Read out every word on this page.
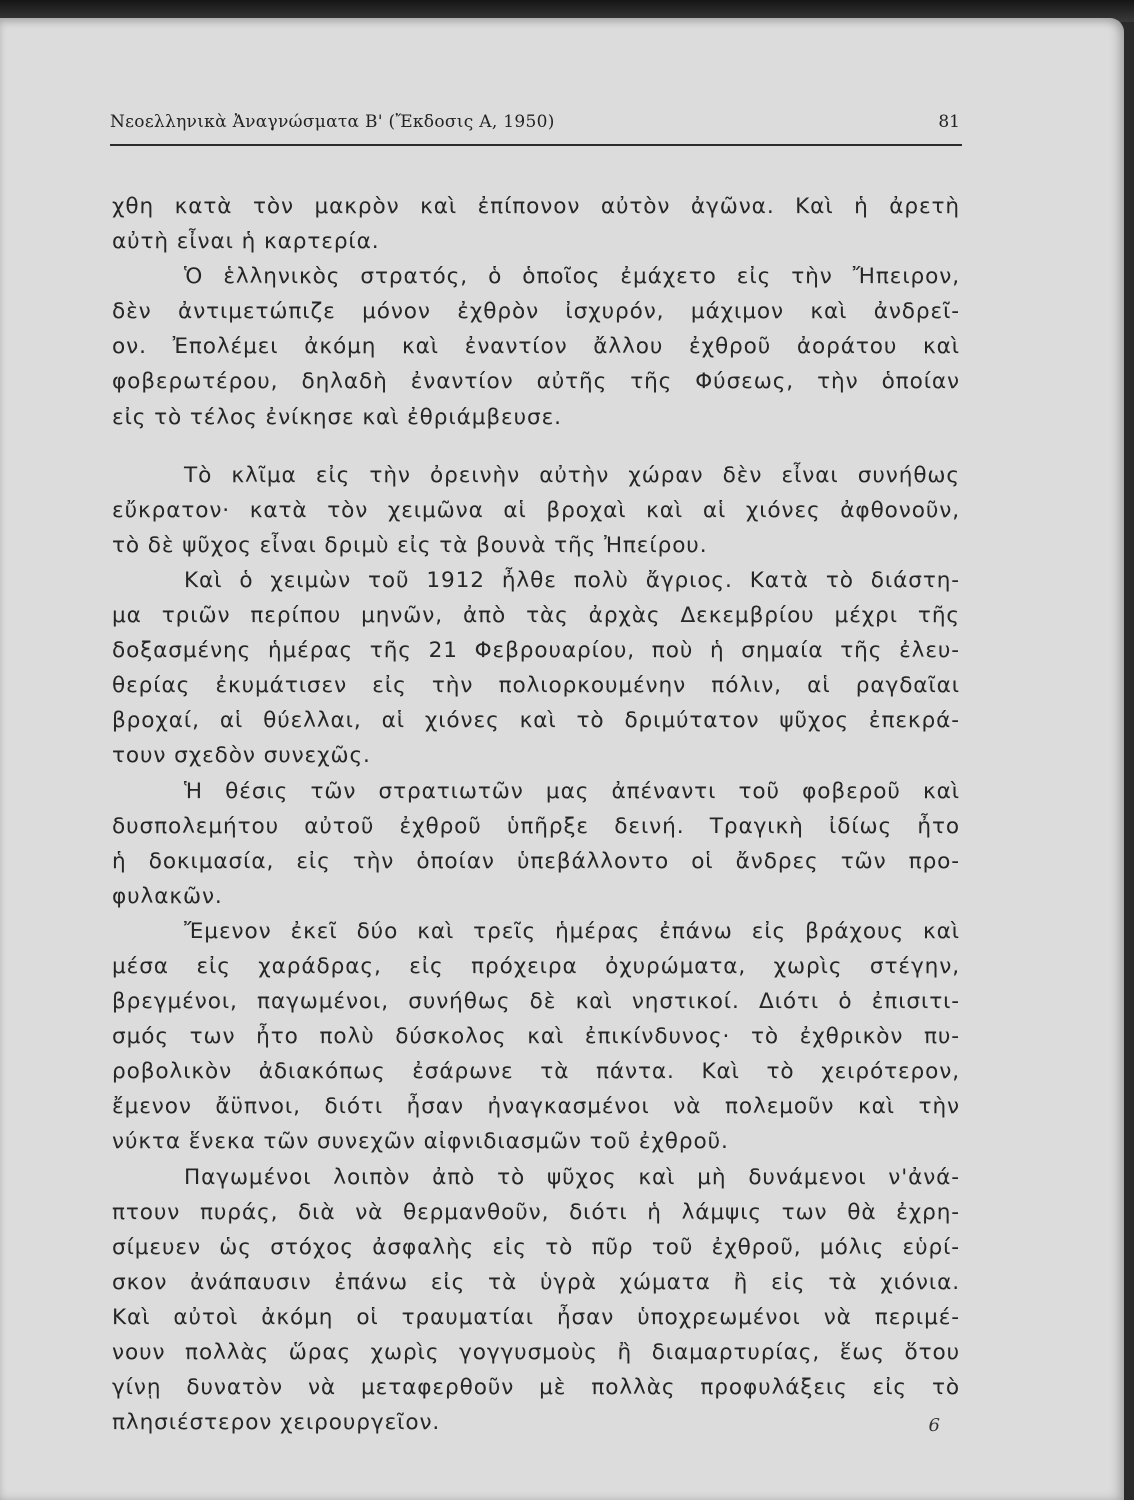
Νεοελληνικὰ Ἀναγνώσματα Β' (Ἔκδοσις Α, 1950)	81
χθη κατὰ τὸν μακρὸν καὶ ἐπίπονον αὐτὸν ἀγῶνα. Καὶ ἡ ἀρετὴ
αὐτὴ εἶναι ἡ καρτερία.
Ὁ ἑλληνικὸς στρατός, ὁ ὁποῖος ἐμάχετο εἰς τὴν Ἤπειρον,
δὲν ἀντιμετώπιζε μόνον ἐχθρὸν ἰσχυρόν, μάχιμον καὶ ἀνδρεῖ-
ον. Ἐπολέμει ἀκόμη καὶ ἐναντίον ἄλλου ἐχθροῦ ἀοράτου καὶ
φοβερωτέρου, δηλαδὴ ἐναντίον αὐτῆς τῆς Φύσεως, τὴν ὁποίαν
εἰς τὸ τέλος ἐνίκησε καὶ ἐθριάμβευσε.
Τὸ κλῖμα εἰς τὴν ὀρεινὴν αὐτὴν χώραν δὲν εἶναι συνήθως
εὔκρατον· κατὰ τὸν χειμῶνα αἱ βροχαὶ καὶ αἱ χιόνες ἀφθονοῦν,
τὸ δὲ ψῦχος εἶναι δριμὺ εἰς τὰ βουνὰ τῆς Ἠπείρου.
Καὶ ὁ χειμὼν τοῦ 1912 ἦλθε πολὺ ἄγριος. Κατὰ τὸ διάστη-
μα τριῶν περίπου μηνῶν, ἀπὸ τὰς ἀρχὰς Δεκεμβρίου μέχρι τῆς
δοξασμένης ἡμέρας τῆς 21 Φεβρουαρίου, ποὺ ἡ σημαία τῆς ἐλευ-
θερίας ἐκυμάτισεν εἰς τὴν πολιορκουμένην πόλιν, αἱ ραγδαῖαι
βροχαί, αἱ θύελλαι, αἱ χιόνες καὶ τὸ δριμύτατον ψῦχος ἐπεκρά-
τουν σχεδὸν συνεχῶς.
Ἡ θέσις τῶν στρατιωτῶν μας ἀπέναντι τοῦ φοβεροῦ καὶ
δυσπολεμήτου αὐτοῦ ἐχθροῦ ὑπῆρξε δεινή. Τραγικὴ ἰδίως ἦτο
ἡ δοκιμασία, εἰς τὴν ὁποίαν ὑπεβάλλοντο οἱ ἄνδρες τῶν προ-
φυλακῶν.
Ἔμενον ἐκεῖ δύο καὶ τρεῖς ἡμέρας ἐπάνω εἰς βράχους καὶ
μέσα εἰς χαράδρας, εἰς πρόχειρα ὀχυρώματα, χωρὶς στέγην,
βρεγμένοι, παγωμένοι, συνήθως δὲ καὶ νηστικοί. Διότι ὁ ἐπισιτι-
σμός των ἦτο πολὺ δύσκολος καὶ ἐπικίνδυνος· τὸ ἐχθρικὸν πυ-
ροβολικὸν ἀδιακόπως ἐσάρωνε τὰ πάντα. Καὶ τὸ χειρότερον,
ἔμενον ἄϋπνοι, διότι ἦσαν ἠναγκασμένοι νὰ πολεμοῦν καὶ τὴν
νύκτα ἕνεκα τῶν συνεχῶν αἰφνιδιασμῶν τοῦ ἐχθροῦ.
Παγωμένοι λοιπὸν ἀπὸ τὸ ψῦχος καὶ μὴ δυνάμενοι ν'ἀνά-
πτουν πυράς, διὰ νὰ θερμανθοῦν, διότι ἡ λάμψις των θὰ ἐχρη-
σίμευεν ὡς στόχος ἀσφαλὴς εἰς τὸ πῦρ τοῦ ἐχθροῦ, μόλις εὑρί-
σκον ἀνάπαυσιν ἐπάνω εἰς τὰ ὑγρὰ χώματα ἢ εἰς τὰ χιόνια.
Καὶ αὐτοὶ ἀκόμη οἱ τραυματίαι ἦσαν ὑποχρεωμένοι νὰ περιμέ-
νουν πολλὰς ὥρας χωρὶς γογγυσμοὺς ἢ διαμαρτυρίας, ἕως ὅτου
γίνῃ δυνατὸν νὰ μεταφερθοῦν μὲ πολλὰς προφυλάξεις εἰς τὸ
πλησιέστερον χειρουργεῖον.	6
